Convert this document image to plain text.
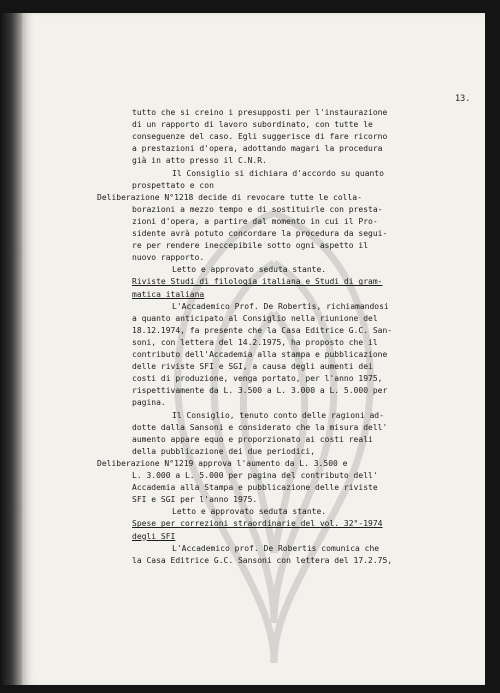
13.
tutto che si creino i presupposti per l'instaurazione
di un rapporto di lavoro subordinato, con tutte le
conseguenze del caso. Egli suggerisce di fare ricorno
a prestazioni d'opera, adottando magari la procedura
già in atto presso il C.N.R.
Il Consiglio si dichiara d'accordo su quanto
prospettato e con
Deliberazione N°1218 decide di revocare tutte le colla-
borazioni a mezzo tempo e di sostituirle con presta-
zioni d'opera, a partire dal momento in cui il Pro-
sidente avrà potuto concordare la procedura da segui-
re per rendere ineccepibile sotto ogni aspetto il
nuovo rapporto.
Letto e approvato seduta stante.
Riviste Studi di filologia italiana e Studi di gram-
matica italiana
L'Accademico Prof. De Robertis, richiamandosi
a quanto anticipato al Consiglio nella riunione del
18.12.1974, fa presente che la Casa Editrice G.C. San-
soni, con lettera del 14.2.1975, ha proposto che il
contributo dell'Accademia alla stampa e pubblicazione
delle riviste SFI e SGI, a causa degli aumenti dei
costi di produzione, venga portato, per l'anno 1975,
rispettivamente da L. 3.500 a L. 3.000 a L. 5.000 per
pagina.
Il Consiglio, tenuto conto delle ragioni ad-
dotte dalla Sansoni e considerato che la misura dell'
aumento appare equo e proporzionato ai costi reali
della pubblicazione dei due periodici,
Deliberazione N°1219 approva l'aumento da L. 3.500 e
L. 3.000 a L. 5.000 per pagina del contributo dell'
Accademia alla Stampa e pubblicazione delle riviste
SFI e SGI per l'anno 1975.
Letto e approvato seduta stante.
Spese per correzioni straordinarie del vol. 32°-1974
degli SFI
L'Accademico prof. De Robertis comunica che
la Casa Editrice G.C. Sansoni con lettera del 17.2.75,
